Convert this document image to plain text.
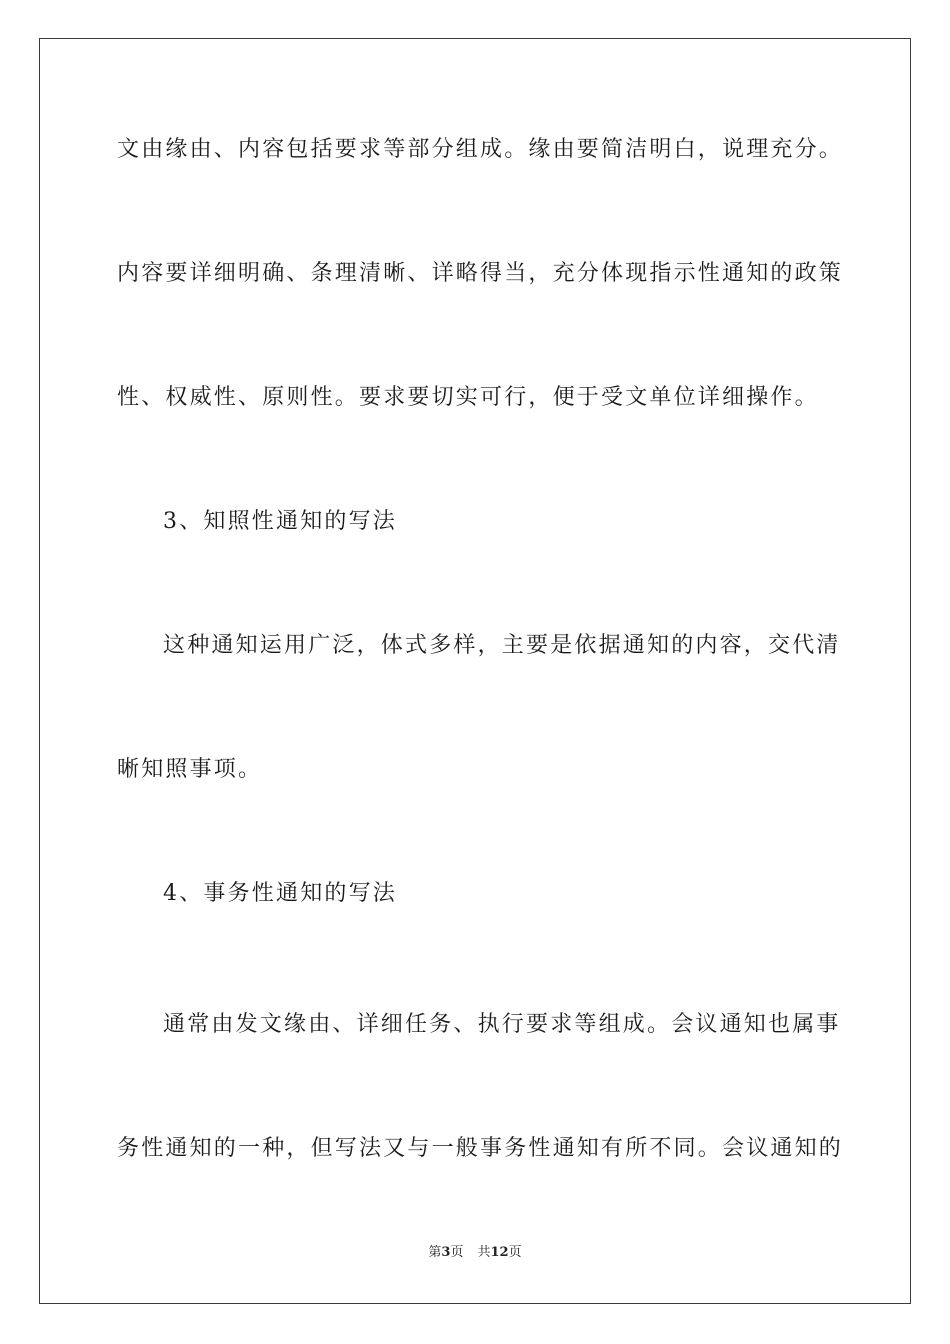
文由缘由、内容包括要求等部分组成。缘由要简洁明白，说理充分。

内容要详细明确、条理清晰、详略得当，充分体现指示性通知的政策

性、权威性、原则性。要求要切实可行，便于受文单位详细操作。

3、知照性通知的写法

这种通知运用广泛，体式多样，主要是依据通知的内容，交代清

晰知照事项。

4、事务性通知的写法

通常由发文缘由、详细任务、执行要求等组成。会议通知也属事

务性通知的一种，但写法又与一般事务性通知有所不同。会议通知的

第3页 共12页
